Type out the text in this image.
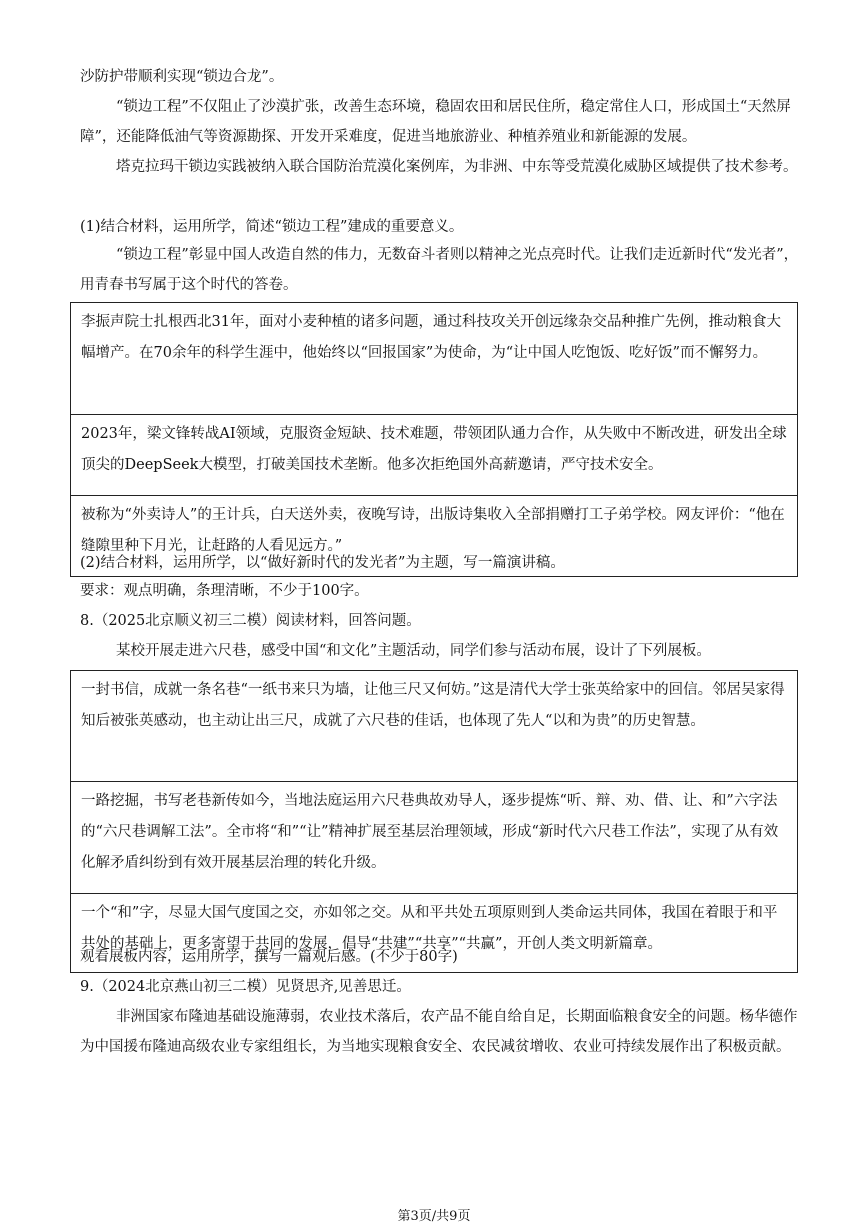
沙防护带顺利实现“锁边合龙”。
“锁边工程”不仅阻止了沙漠扩张，改善生态环境，稳固农田和居民住所，稳定常住人口，形成国土“天然屏障”，还能降低油气等资源勘探、开发开采难度，促进当地旅游业、种植养殖业和新能源的发展。
塔克拉玛干锁边实践被纳入联合国防治荒漠化案例库，为非洲、中东等受荒漠化威胁区域提供了技术参考。
(1)结合材料，运用所学，简述“锁边工程”建成的重要意义。
“锁边工程”彰显中国人改造自然的伟力，无数奋斗者则以精神之光点亮时代。让我们走近新时代“发光者”，用青春书写属于这个时代的答卷。
李振声院士扎根西北31年，面对小麦种植的诸多问题，通过科技攻关开创远缘杂交品种推广先例，推动粮食大幅增产。在70余年的科学生涯中，他始终以“回报国家”为使命，为“让中国人吃饱饭、吃好饭”而不懈努力。
2023年，梁文锋转战AI领域，克服资金短缺、技术难题，带领团队通力合作，从失败中不断改进，研发出全球顶尖的DeepSeek大模型，打破美国技术垄断。他多次拒绝国外高薪邀请，严守技术安全。
被称为“外卖诗人”的王计兵，白天送外卖，夜晚写诗，出版诗集收入全部捐赠打工子弟学校。网友评价：“他在缝隙里种下月光，让赶路的人看见远方。”
(2)结合材料，运用所学，以“做好新时代的发光者”为主题，写一篇演讲稿。
要求：观点明确，条理清晰，不少于100字。
8.（2025北京顺义初三二模）阅读材料，回答问题。
某校开展走进六尺巷，感受中国“和文化”主题活动，同学们参与活动布展，设计了下列展板。
一封书信，成就一条名巷“一纸书来只为墙，让他三尺又何妨。”这是清代大学士张英给家中的回信。邻居吴家得知后被张英感动，也主动让出三尺，成就了六尺巷的佳话，也体现了先人“以和为贵”的历史智慧。
一路挖掘，书写老巷新传如今，当地法庭运用六尺巷典故劝导人，逐步提炼“听、辩、劝、借、让、和”六字法的“六尺巷调解工法”。全市将“和”“让”精神扩展至基层治理领域，形成“新时代六尺巷工作法”，实现了从有效化解矛盾纠纷到有效开展基层治理的转化升级。
一个“和”字，尽显大国气度国之交，亦如邻之交。从和平共处五项原则到人类命运共同体，我国在着眼于和平共处的基础上，更多寄望于共同的发展，倡导“共建”“共享”“共赢”，开创人类文明新篇章。
观看展板内容，运用所学，撰写一篇观后感。(不少于80字)
9.（2024北京燕山初三二模）见贤思齐,见善思迁。
非洲国家布隆迪基础设施薄弱，农业技术落后，农产品不能自给自足，长期面临粮食安全的问题。杨华德作为中国援布隆迪高级农业专家组组长，为当地实现粮食安全、农民减贫增收、农业可持续发展作出了积极贡献。
第3页/共9页
